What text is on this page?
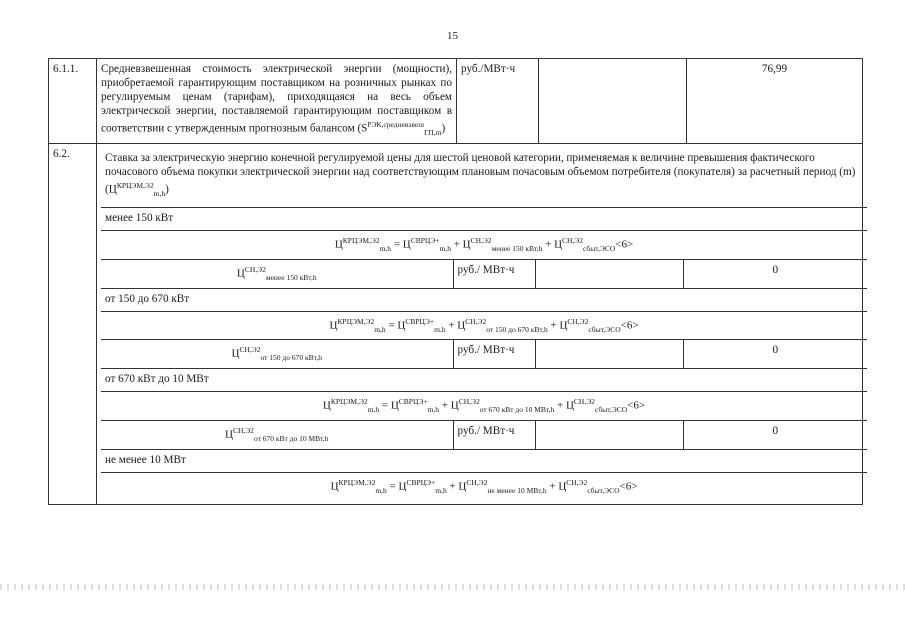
15
6.1.1.	Средневзвешенная стоимость электрической энергии (мощности), приобретаемой гарантирующим поставщиком на розничных рынках по регулируемым ценам (тарифам), приходящаяся на весь объем электрической энергии, поставляемой гарантирующим поставщиком в соответствии с утвержденным прогнозным балансом $(S^{РЭК,средневзвеш}_{ГП,m})$	руб./МВт·ч		76,99
6.2.		Ставка за электрическую энергию конечной регулируемой цены для шестой ценовой категории, применяемая к величине превышения фактического почасового объема покупки электрической энергии над соответствующим плановым почасовым объемом потребителя (покупателя) за расчетный период (m) $(Ц^{КРЦЭМ,Э2}_{m,h})$
менее 150 кВт
$Ц^{КРЦЭМ,Э2}_{m,h} = Ц^{СВРЦЭ+}_{m,h} + Ц^{СН,Э2}_{менее 150 кВт,h} + Ц^{СН,Э2}_{сбыт,ЭСО}<6>$
$Ц^{СН,Э2}_{менее 150 кВт,h}$	руб./ МВт·ч		0
от 150 до 670 кВт
$Ц^{КРЦЭМ,Э2}_{m,h} = Ц^{СВРЦЭ+}_{m,h} + Ц^{СН,Э2}_{от 150 до 670 кВт,h} + Ц^{СН,Э2}_{сбыт,ЭСО}<6>$
$Ц^{СН,Э2}_{от 150 до 670 кВт,h}$	руб./ МВт·ч		0
от 670 кВт до 10 МВт
$Ц^{КРЦЭМ,Э2}_{m,h} = Ц^{СВРЦЭ+}_{m,h} + Ц^{СН,Э2}_{от 670 кВт до 10 МВт,h} + Ц^{СН,Э2}_{сбыт,ЭСО}<6>$
$Ц^{СН,Э2}_{от 670 кВт до 10 МВт,h}$	руб./ МВт·ч		0
не менее 10 МВт
$Ц^{КРЦЭМ,Э2}_{m,h} = Ц^{СВРЦЭ+}_{m,h} + Ц^{СН,Э2}_{не менее 10 МВт,h} + Ц^{СН,Э2}_{сбыт,ЭСО}<6>$
